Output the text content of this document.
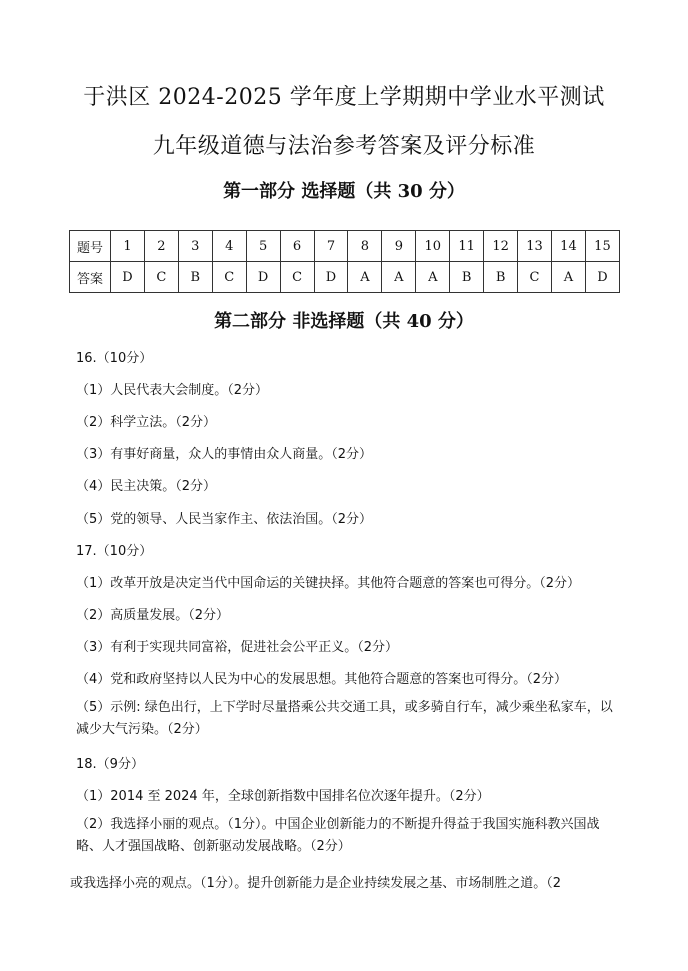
于洪区 2024-2025 学年度上学期期中学业水平测试
九年级道德与法治参考答案及评分标准
第一部分 选择题（共 30 分）
题号	1	2	3	4	5	6	7	8	9	10	11	12	13	14	15
答案	D	C	B	C	D	C	D	A	A	A	B	B	C	A	D
第二部分 非选择题（共 40 分）
16.（10分）
（1）人民代表大会制度。（2分）
（2）科学立法。（2分）
（3）有事好商量，众人的事情由众人商量。（2分）
（4）民主决策。（2分）
（5）党的领导、人民当家作主、依法治国。（2分）
17.（10分）
（1）改革开放是决定当代中国命运的关键抉择。其他符合题意的答案也可得分。（2分）
（2）高质量发展。（2分）
（3）有利于实现共同富裕，促进社会公平正义。（2分）
（4）党和政府坚持以人民为中心的发展思想。其他符合题意的答案也可得分。（2分）
（5）示例: 绿色出行，上下学时尽量搭乘公共交通工具，或多骑自行车，减少乘坐私家车，以减少大气污染。（2分）
18.（9分）
（1）2014 至 2024 年，全球创新指数中国排名位次逐年提升。（2分）
（2）我选择小丽的观点。（1分）。中国企业创新能力的不断提升得益于我国实施科教兴国战略、人才强国战略、创新驱动发展战略。（2分）
或我选择小亮的观点。（1分）。提升创新能力是企业持续发展之基、市场制胜之道。（2
